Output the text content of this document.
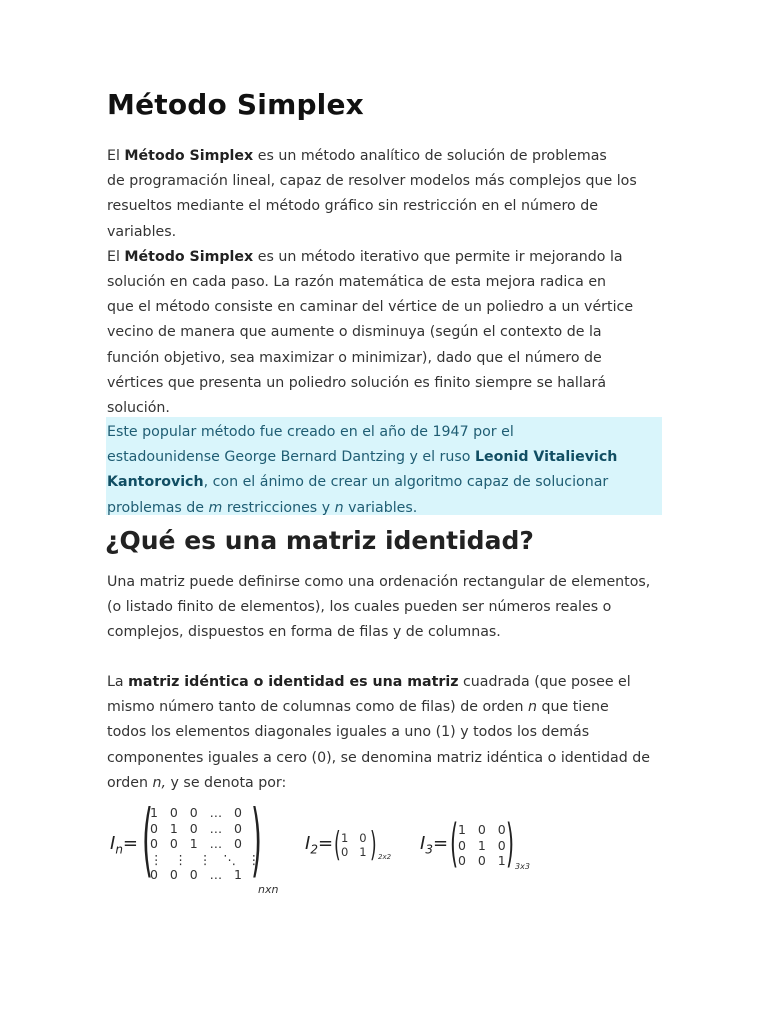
Método Simplex

El Método Simplex es un método analítico de solución de problemas
de programación lineal, capaz de resolver modelos más complejos que los
resueltos mediante el método gráfico sin restricción en el número de
variables.

El Método Simplex es un método iterativo que permite ir mejorando la
solución en cada paso. La razón matemática de esta mejora radica en
que el método consiste en caminar del vértice de un poliedro a un vértice
vecino de manera que aumente o disminuya (según el contexto de la
función objetivo, sea maximizar o minimizar), dado que el número de
vértices que presenta un poliedro solución es finito siempre se hallará
solución.

Este popular método fue creado en el año de 1947 por el
estadounidense George Bernard Dantzing y el ruso Leonid Vitalievich
Kantorovich, con el ánimo de crear un algoritmo capaz de solucionar
problemas de m restricciones y n variables.

¿Qué es una matriz identidad?

Una matriz puede definirse como una ordenación rectangular de elementos,
(o listado finito de elementos), los cuales pueden ser números reales o
complejos, dispuestos en forma de filas y de columnas.

La matriz idéntica o identidad es una matriz cuadrada (que posee el
mismo número tanto de columnas como de filas) de orden n que tiene
todos los elementos diagonales iguales a uno (1) y todos los demás
componentes iguales a cero (0), se denomina matriz idéntica o identidad de
orden n, y se denota por:

$I_n=$ (
1   0   0   …   0
0   1   0   …   0
0   0   1   …   0
⋮   ⋮   ⋮   ⋱   ⋮
0   0   0   …   1 )
nxn
$I_2=$ ( 1   0
0   1 ) 2x2
$I_3=$ ( 1   0   0
0   1   0
0   0   1 ) 3x3
